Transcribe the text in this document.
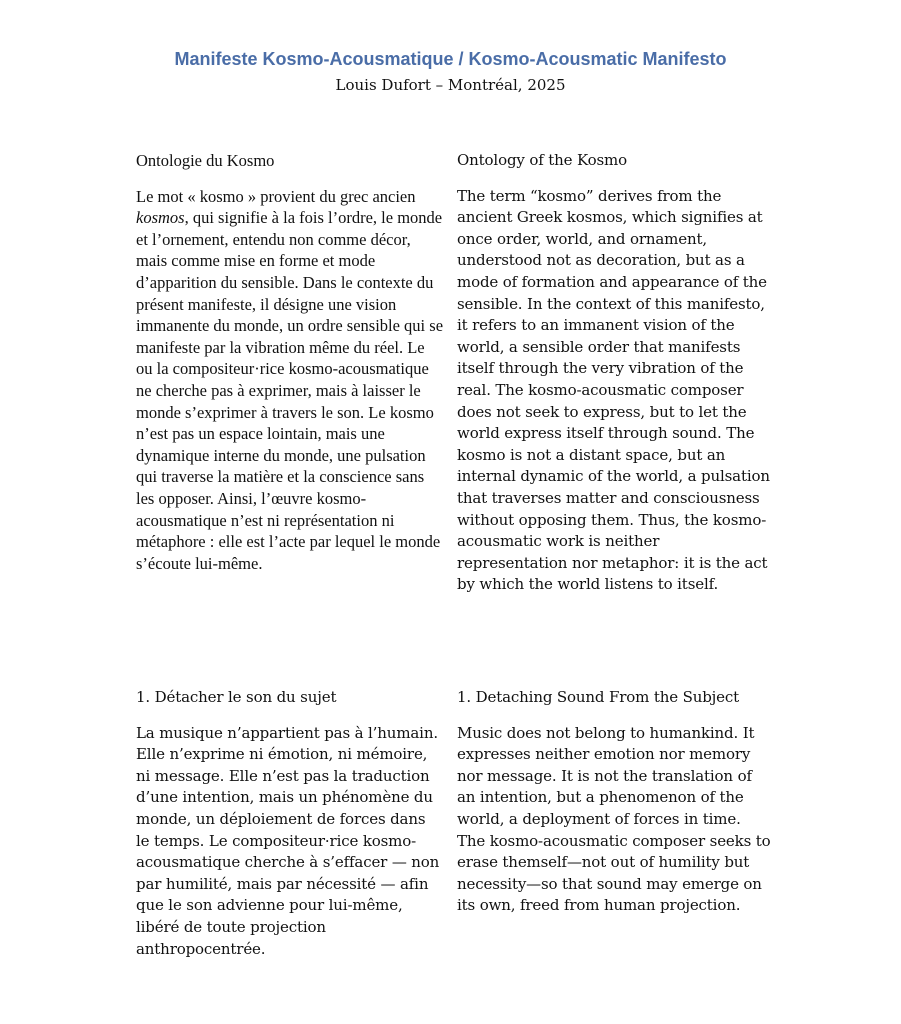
Manifeste Kosmo-Acousmatique / Kosmo-Acousmatic Manifesto

Louis Dufort – Montréal, 2025

Ontologie du Kosmo

Le mot « kosmo » provient du grec ancien kosmos, qui signifie à la fois l’ordre, le monde et l’ornement, entendu non comme décor, mais comme mise en forme et mode d’apparition du sensible. Dans le contexte du présent manifeste, il désigne une vision immanente du monde, un ordre sensible qui se manifeste par la vibration même du réel. Le ou la compositeur·rice kosmo-acousmatique ne cherche pas à exprimer, mais à laisser le monde s’exprimer à travers le son. Le kosmo n’est pas un espace lointain, mais une dynamique interne du monde, une pulsation qui traverse la matière et la conscience sans les opposer. Ainsi, l’œuvre kosmo-acousmatique n’est ni représentation ni métaphore : elle est l’acte par lequel le monde s’écoute lui-même.

Ontology of the Kosmo

The term “kosmo” derives from the ancient Greek kosmos, which signifies at once order, world, and ornament, understood not as decoration, but as a mode of formation and appearance of the sensible. In the context of this manifesto, it refers to an immanent vision of the world, a sensible order that manifests itself through the very vibration of the real. The kosmo-acousmatic composer does not seek to express, but to let the world express itself through sound. The kosmo is not a distant space, but an internal dynamic of the world, a pulsation that traverses matter and consciousness without opposing them. Thus, the kosmo-acousmatic work is neither representation nor metaphor: it is the act by which the world listens to itself.

1. Détacher le son du sujet

La musique n’appartient pas à l’humain. Elle n’exprime ni émotion, ni mémoire, ni message. Elle n’est pas la traduction d’une intention, mais un phénomène du monde, un déploiement de forces dans le temps. Le compositeur·rice kosmo-acousmatique cherche à s’effacer — non par humilité, mais par nécessité — afin que le son advienne pour lui-même, libéré de toute projection anthropocentrée.

1. Detaching Sound From the Subject

Music does not belong to humankind. It expresses neither emotion nor memory nor message. It is not the translation of an intention, but a phenomenon of the world, a deployment of forces in time. The kosmo-acousmatic composer seeks to erase themself—not out of humility but necessity—so that sound may emerge on its own, freed from human projection.
